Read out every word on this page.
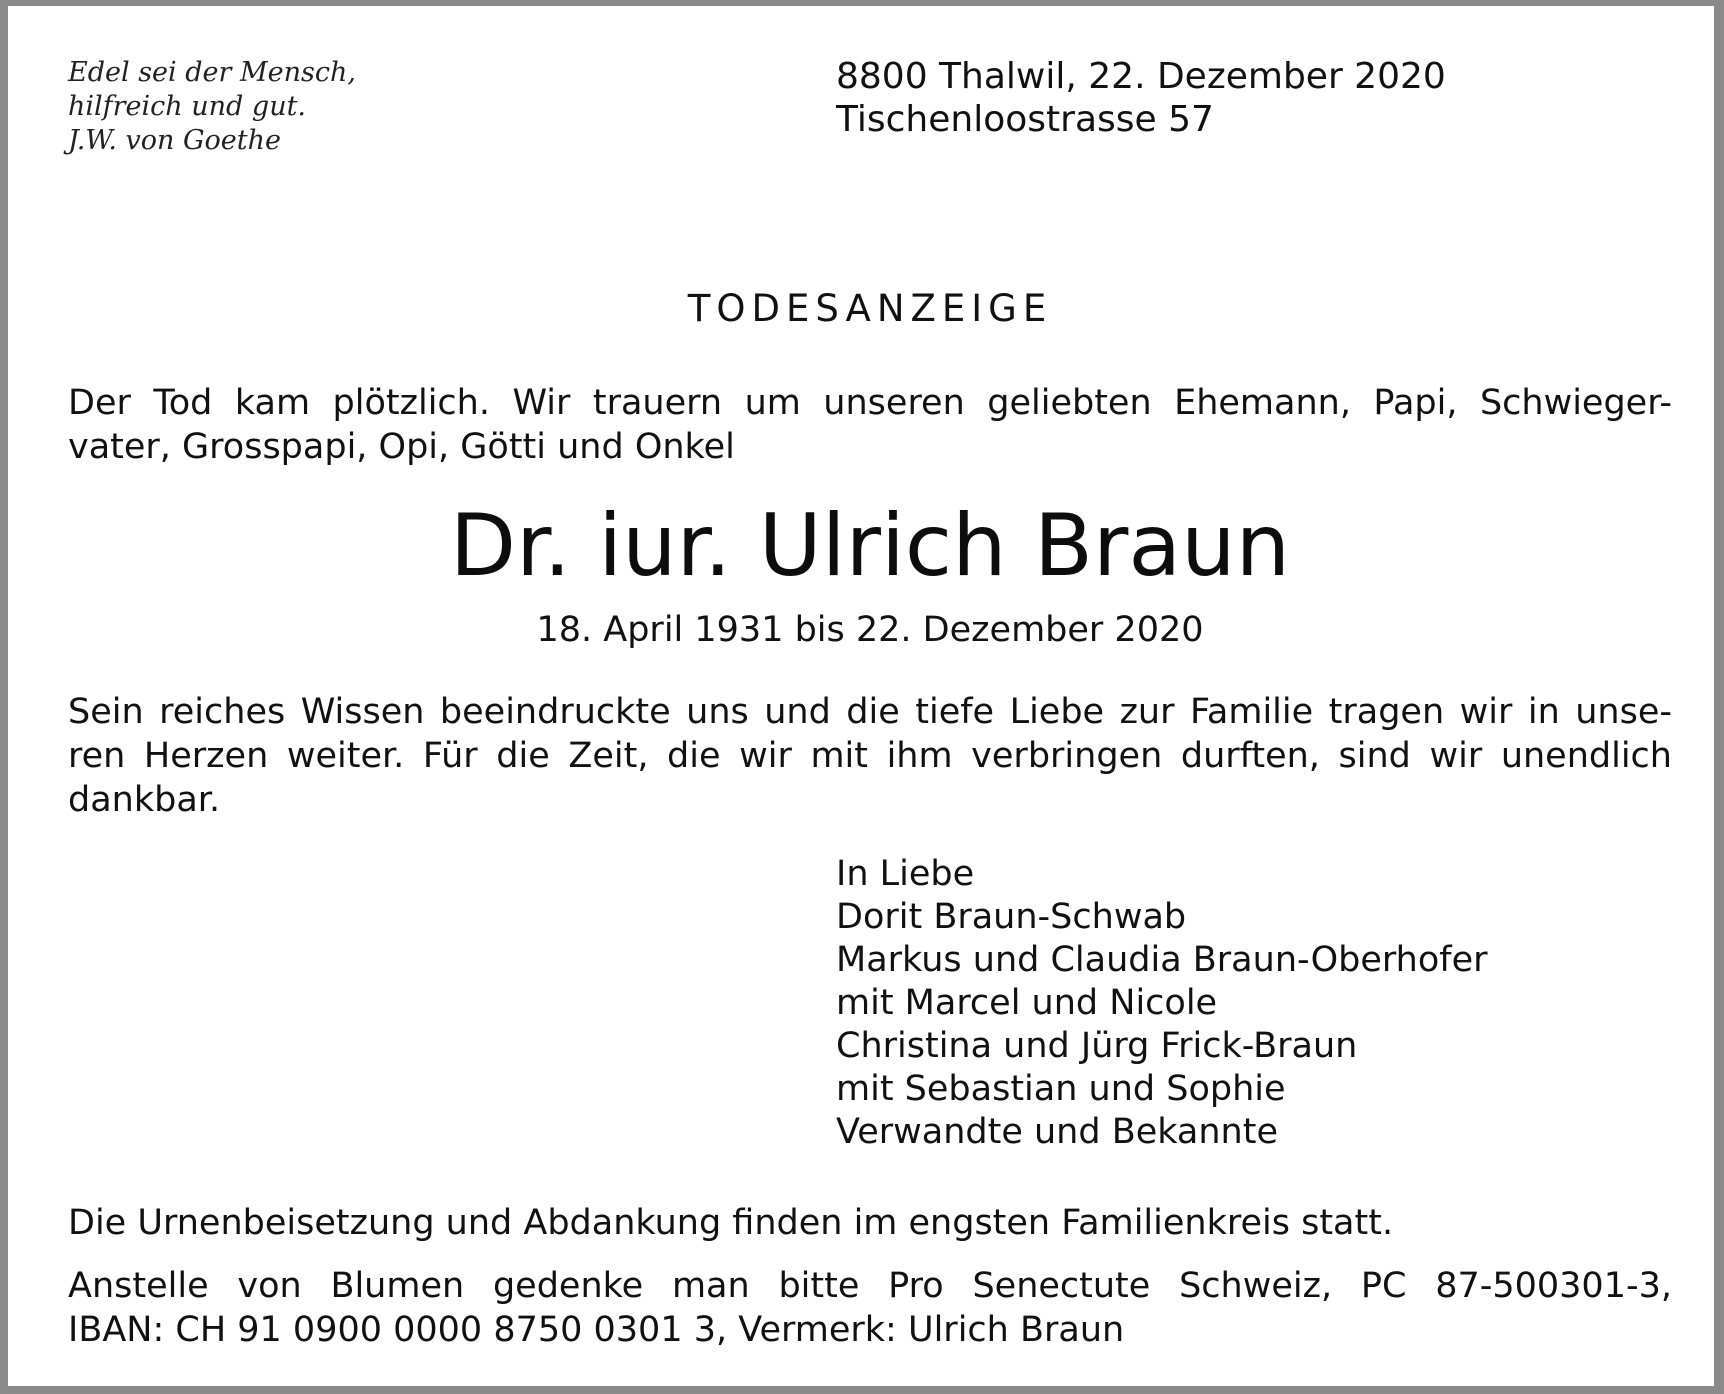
Edel sei der Mensch,
hilfreich und gut.
J.W. von Goethe
8800 Thalwil, 22. Dezember 2020
Tischenloostrasse 57
TODESANZEIGE
Der Tod kam plötzlich. Wir trauern um unseren geliebten Ehemann, Papi, Schwieger-
vater, Grosspapi, Opi, Götti und Onkel
Dr. iur. Ulrich Braun
18. April 1931 bis 22. Dezember 2020
Sein reiches Wissen beeindruckte uns und die tiefe Liebe zur Familie tragen wir in unse-
ren Herzen weiter. Für die Zeit, die wir mit ihm verbringen durften, sind wir unendlich
dankbar.
In Liebe
Dorit Braun-Schwab
Markus und Claudia Braun-Oberhofer
mit Marcel und Nicole
Christina und Jürg Frick-Braun
mit Sebastian und Sophie
Verwandte und Bekannte
Die Urnenbeisetzung und Abdankung finden im engsten Familienkreis statt.
Anstelle von Blumen gedenke man bitte Pro Senectute Schweiz, PC 87-500301-3,
IBAN: CH 91 0900 0000 8750 0301 3, Vermerk: Ulrich Braun
